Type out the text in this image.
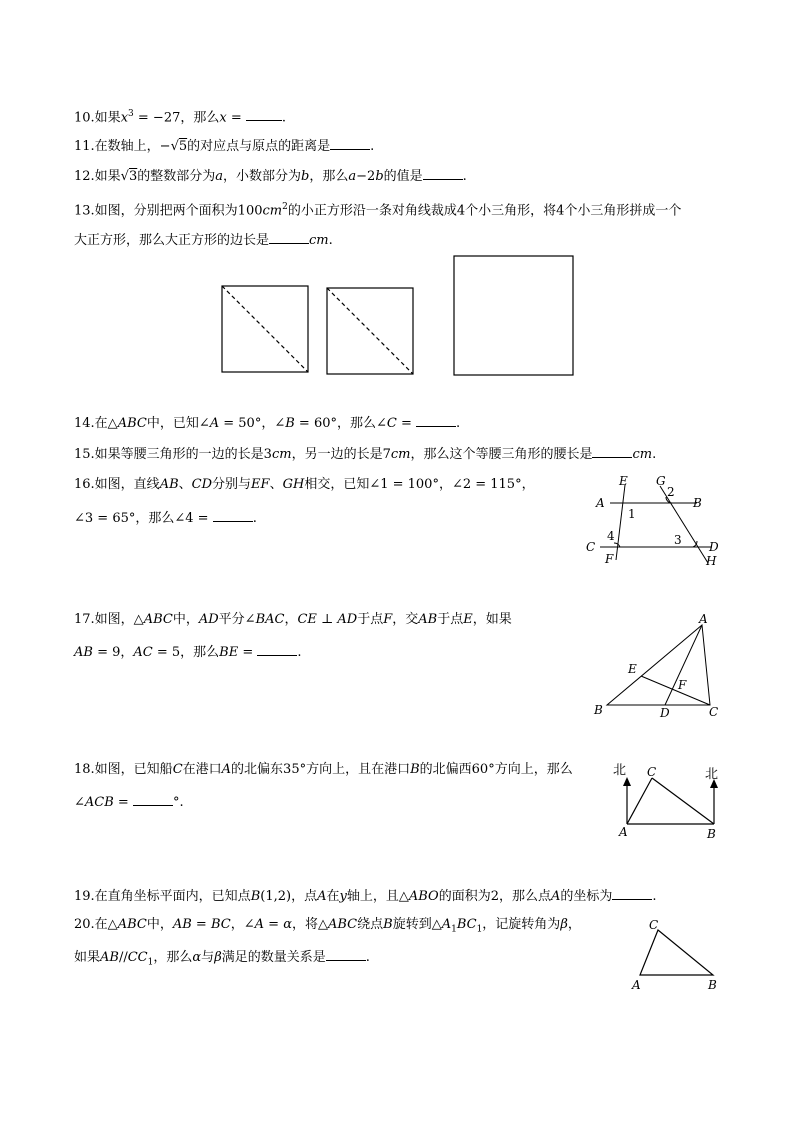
10.如果$x^3 = -27$，那么x =	.
11.在数轴上，−√5的对应点与原点的距离是	.
12.如果√3的整数部分为a，小数部分为b，那么a−2b的值是	.
13.如图，分别把两个面积为$100cm^2$的小正方形沿一条对角线裁成4个小三角形，将4个小三角形拼成一个
大正方形，那么大正方形的边长是	cm.
14.在△ABC中，已知∠A = 50°，∠B = 60°，那么∠C =	.
15.如果等腰三角形的一边的长是3cm，另一边的长是7cm，那么这个等腰三角形的腰长是	cm.
16.如图，直线AB、CD分别与EF、GH相交，已知∠1 = 100°，∠2 = 115°，
∠3 = 65°，那么∠4 =	.
17.如图，△ABC中，AD平分∠BAC，CE ⊥ AD于点F，交AB于点E，如果
AB = 9，AC = 5，那么BE =	.
18.如图，已知船C在港口A的北偏东35°方向上，且在港口B的北偏西60°方向上，那么
∠ACB =	°.
19.在直角坐标平面内，已知点B(1,2)，点A在y轴上，且△ABO的面积为2，那么点A的坐标为	.
20.在△ABC中，AB = BC，∠A = α，将△ABC绕点B旋转到$\triangle A_1BC_1$，记旋转角为β，
如果$AB//CC_1$，那么α与β满足的数量关系是	.
A	B
C	D
E
F
G
H
1
2
3
4
A
B	C
D
E
F
A	B
C
北	北
A	B
C
